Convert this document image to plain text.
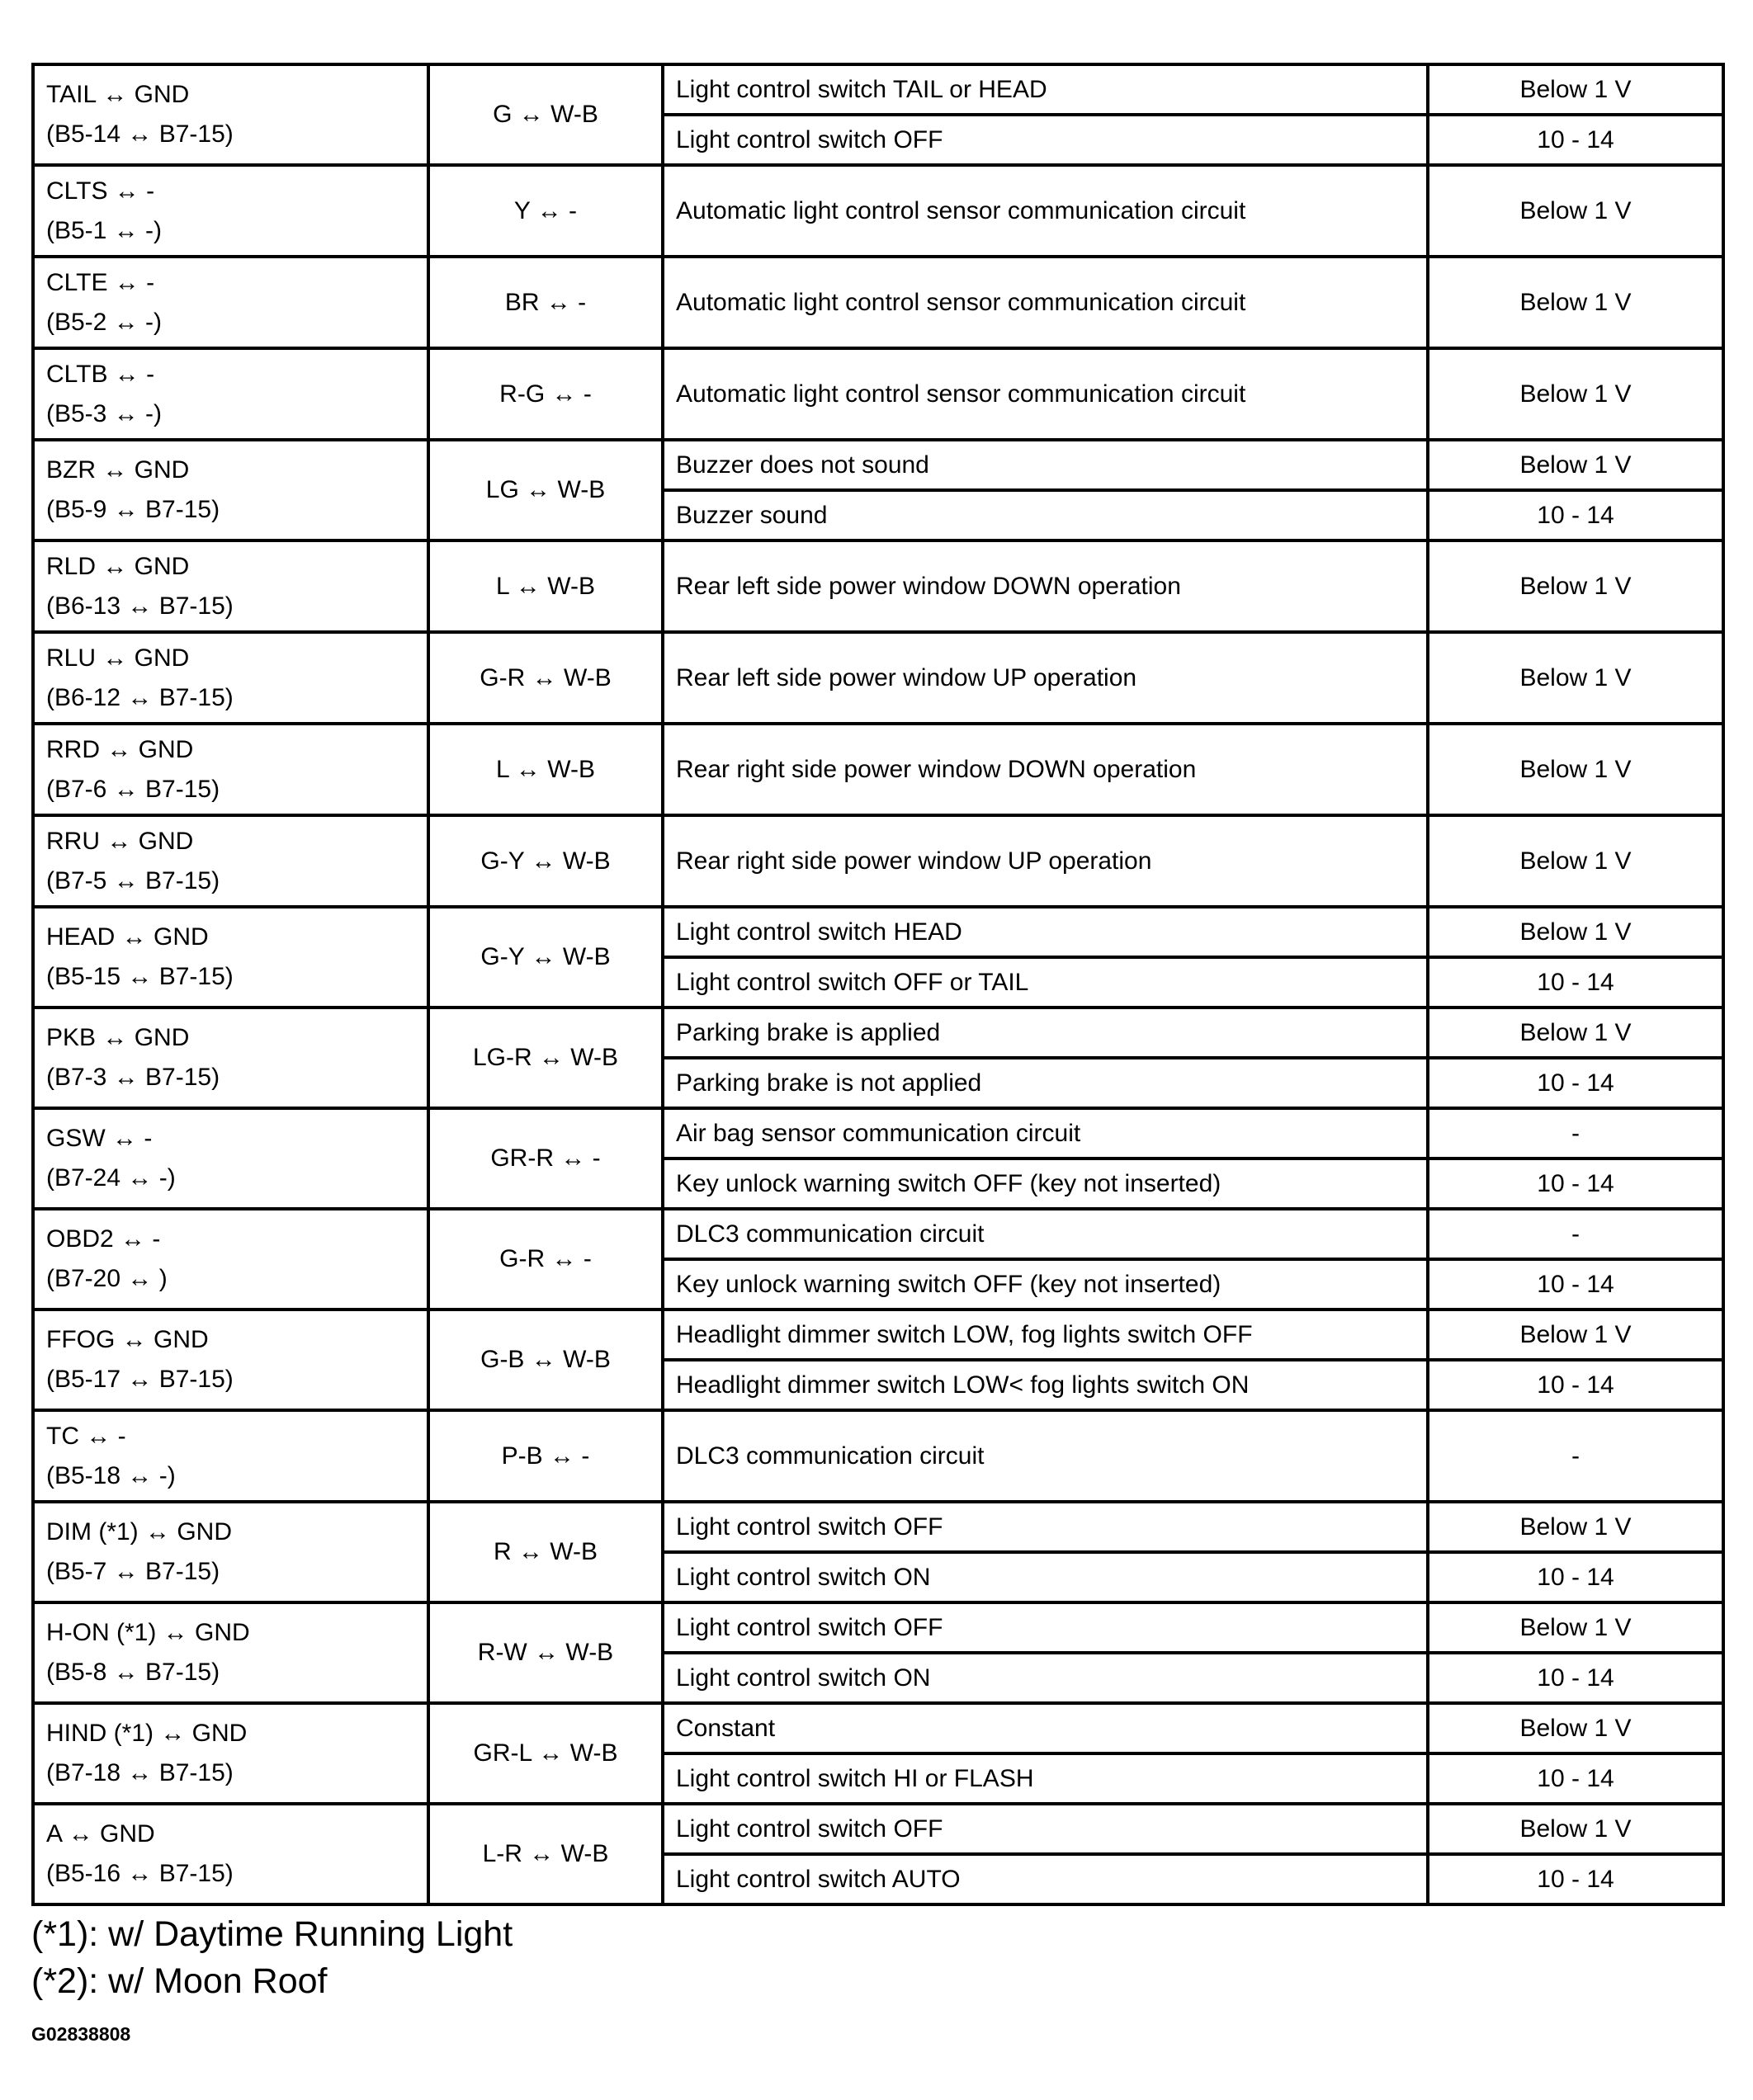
TAIL ↔ GND
(B5-14 ↔ B7-15)	G ↔ W-B	Light control switch TAIL or HEAD	Below 1 V
		Light control switch OFF	10 - 14

CLTS ↔ -
(B5-1 ↔ -)	Y ↔ -	Automatic light control sensor communication circuit	Below 1 V

CLTE ↔ -
(B5-2 ↔ -)	BR ↔ -	Automatic light control sensor communication circuit	Below 1 V

CLTB ↔ -
(B5-3 ↔ -)	R-G ↔ -	Automatic light control sensor communication circuit	Below 1 V

BZR ↔ GND
(B5-9 ↔ B7-15)	LG ↔ W-B	Buzzer does not sound	Below 1 V
		Buzzer sound	10 - 14

RLD ↔ GND
(B6-13 ↔ B7-15)	L ↔ W-B	Rear left side power window DOWN operation	Below 1 V

RLU ↔ GND
(B6-12 ↔ B7-15)	G-R ↔ W-B	Rear left side power window UP operation	Below 1 V

RRD ↔ GND
(B7-6 ↔ B7-15)	L ↔ W-B	Rear right side power window DOWN operation	Below 1 V

RRU ↔ GND
(B7-5 ↔ B7-15)	G-Y ↔ W-B	Rear right side power window UP operation	Below 1 V

HEAD ↔ GND
(B5-15 ↔ B7-15)	G-Y ↔ W-B	Light control switch HEAD	Below 1 V
		Light control switch OFF or TAIL	10 - 14

PKB ↔ GND
(B7-3 ↔ B7-15)	LG-R ↔ W-B	Parking brake is applied	Below 1 V
		Parking brake is not applied	10 - 14

GSW ↔ -
(B7-24 ↔ -)	GR-R ↔ -	Air bag sensor communication circuit	-
		Key unlock warning switch OFF (key not inserted)	10 - 14

OBD2 ↔ -
(B7-20 ↔ )	G-R ↔ -	DLC3 communication circuit	-
		Key unlock warning switch OFF (key not inserted)	10 - 14

FFOG ↔ GND
(B5-17 ↔ B7-15)	G-B ↔ W-B	Headlight dimmer switch LOW, fog lights switch OFF	Below 1 V
		Headlight dimmer switch LOW< fog lights switch ON	10 - 14

TC ↔ -
(B5-18 ↔ -)	P-B ↔ -	DLC3 communication circuit	-

DIM (*1) ↔ GND
(B5-7 ↔ B7-15)	R ↔ W-B	Light control switch OFF	Below 1 V
		Light control switch ON	10 - 14

H-ON (*1) ↔ GND
(B5-8 ↔ B7-15)	R-W ↔ W-B	Light control switch OFF	Below 1 V
		Light control switch ON	10 - 14

HIND (*1) ↔ GND
(B7-18 ↔ B7-15)	GR-L ↔ W-B	Constant	Below 1 V
		Light control switch HI or FLASH	10 - 14

A ↔ GND
(B5-16 ↔ B7-15)	L-R ↔ W-B	Light control switch OFF	Below 1 V
		Light control switch AUTO	10 - 14
(*1): w/ Daytime Running Light
(*2): w/ Moon Roof
G02838808
